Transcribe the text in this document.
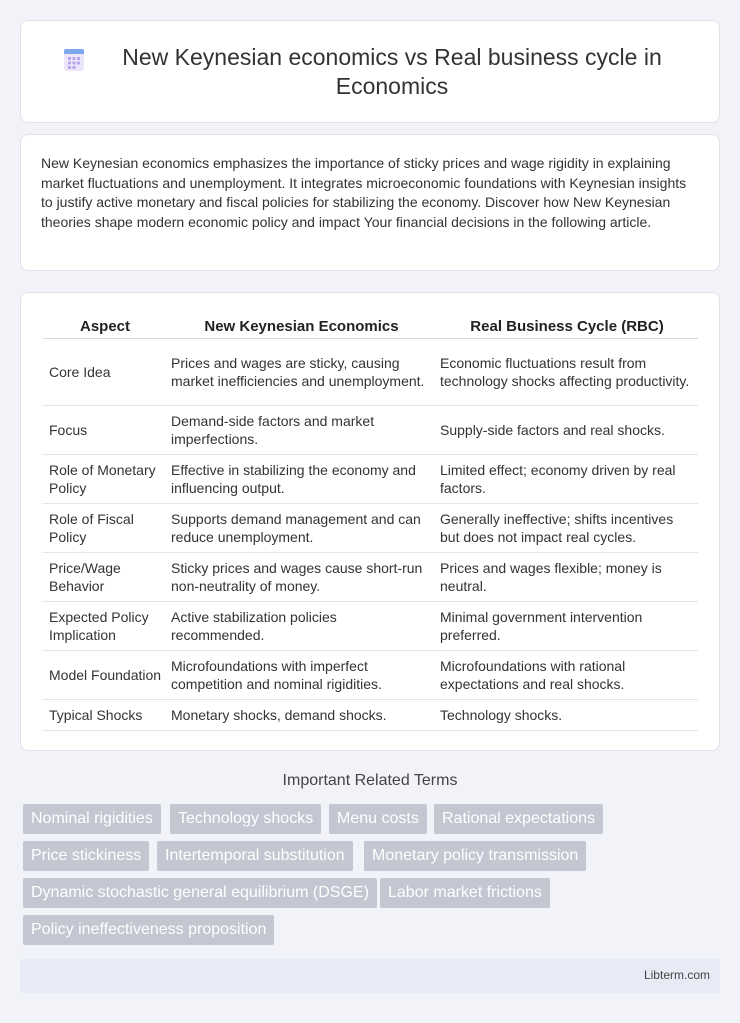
New Keynesian economics vs Real business cycle in Economics

New Keynesian economics emphasizes the importance of sticky prices and wage rigidity in explaining market fluctuations and unemployment. It integrates microeconomic foundations with Keynesian insights to justify active monetary and fiscal policies for stabilizing the economy. Discover how New Keynesian theories shape modern economic policy and impact Your financial decisions in the following article.

Aspect	New Keynesian Economics	Real Business Cycle (RBC)
Core Idea	Prices and wages are sticky, causing market inefficiencies and unemployment.	Economic fluctuations result from technology shocks affecting productivity.
Focus	Demand-side factors and market imperfections.	Supply-side factors and real shocks.
Role of Monetary Policy	Effective in stabilizing the economy and influencing output.	Limited effect; economy driven by real factors.
Role of Fiscal Policy	Supports demand management and can reduce unemployment.	Generally ineffective; shifts incentives but does not impact real cycles.
Price/Wage Behavior	Sticky prices and wages cause short-run non-neutrality of money.	Prices and wages flexible; money is neutral.
Expected Policy Implication	Active stabilization policies recommended.	Minimal government intervention preferred.
Model Foundation	Microfoundations with imperfect competition and nominal rigidities.	Microfoundations with rational expectations and real shocks.
Typical Shocks	Monetary shocks, demand shocks.	Technology shocks.
Important Related Terms
Nominal rigidities	Technology shocks	Menu costs	Rational expectations
Price stickiness	Intertemporal substitution	Monetary policy transmission
Dynamic stochastic general equilibrium (DSGE)	Labor market frictions
Policy ineffectiveness proposition
Libterm.com
